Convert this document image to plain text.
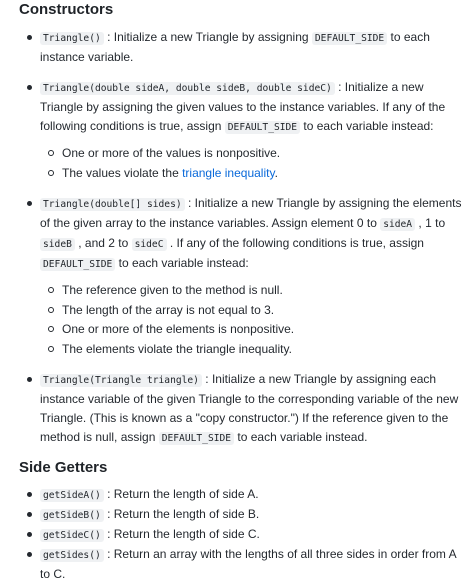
Constructors
Triangle() : Initialize a new Triangle by assigning DEFAULT_SIDE to each instance variable.
Triangle(double sideA, double sideB, double sideC) : Initialize a new Triangle by assigning the given values to the instance variables. If any of the following conditions is true, assign DEFAULT_SIDE to each variable instead:
One or more of the values is nonpositive.
The values violate the triangle inequality.
Triangle(double[] sides) : Initialize a new Triangle by assigning the elements of the given array to the instance variables. Assign element 0 to sideA , 1 to sideB , and 2 to sideC . If any of the following conditions is true, assign DEFAULT_SIDE to each variable instead:
The reference given to the method is null.
The length of the array is not equal to 3.
One or more of the elements is nonpositive.
The elements violate the triangle inequality.
Triangle(Triangle triangle) : Initialize a new Triangle by assigning each instance variable of the given Triangle to the corresponding variable of the new Triangle. (This is known as a "copy constructor.") If the reference given to the method is null, assign DEFAULT_SIDE to each variable instead.
Side Getters
getSideA() : Return the length of side A.
getSideB() : Return the length of side B.
getSideC() : Return the length of side C.
getSides() : Return an array with the lengths of all three sides in order from A to C.
